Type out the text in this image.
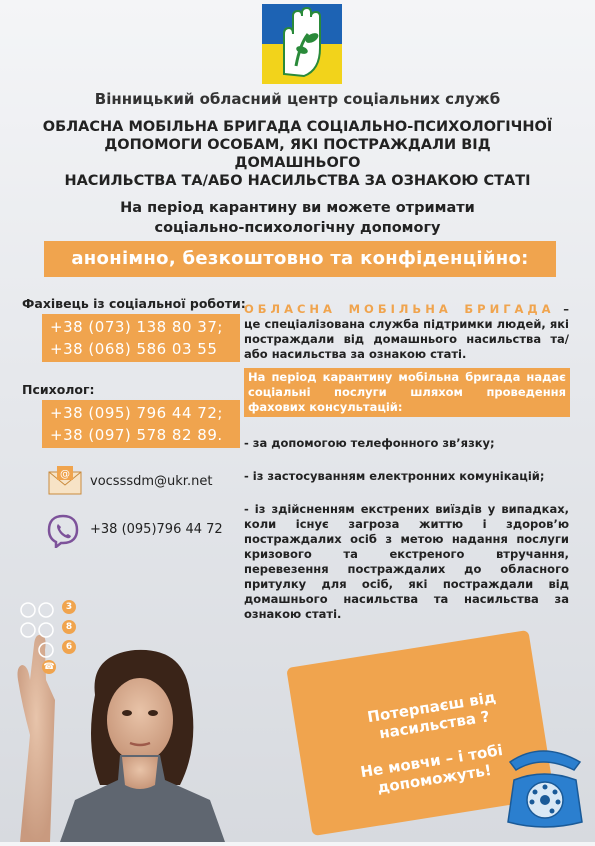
Вінницький обласний центр соціальних служб
ОБЛАСНА МОБІЛЬНА БРИГАДА СОЦІАЛЬНО-ПСИХОЛОГІЧНОЇ
ДОПОМОГИ ОСОБАМ, ЯКІ ПОСТРАЖДАЛИ ВІД ДОМАШНЬОГО
НАСИЛЬСТВА ТА/АБО НАСИЛЬСТВА ЗА ОЗНАКОЮ СТАТІ
На період карантину ви можете отримати
соціально-психологічну допомогу
анонімно, безкоштовно та конфіденційно:
Фахівець із соціальної роботи:
+38 (073) 138 80 37;
+38 (068) 586 03 55
Психолог:
+38 (095) 796 44 72;
+38 (097) 578 82 89.
@ vocsssdm@ukr.net
+38 (095)796 44 72
ОБЛАСНА МОБІЛЬНА БРИГАДА – це спеціалізована служба підтримки людей, які постраждали від домашнього насильства та/або насильства за ознакою статі.
На період карантину мобільна бригада надає соціальні послуги шляхом проведення фахових консультацій:
- за допомогою телефонного зв’язку;
- із застосуванням електронних комунікацій;
- із здійсненням екстрених виїздів у випадках, коли існує загроза життю і здоров’ю постраждалих осіб з метою надання послуги кризового та екстреного втручання, перевезення постраждалих до обласного притулку для осіб, які постраждали від домашнього насильства та насильства за ознакою статі.
3
8
6
☎
Потерпаєш від насильства ?
Не мовчи – і тобі допоможуть!
